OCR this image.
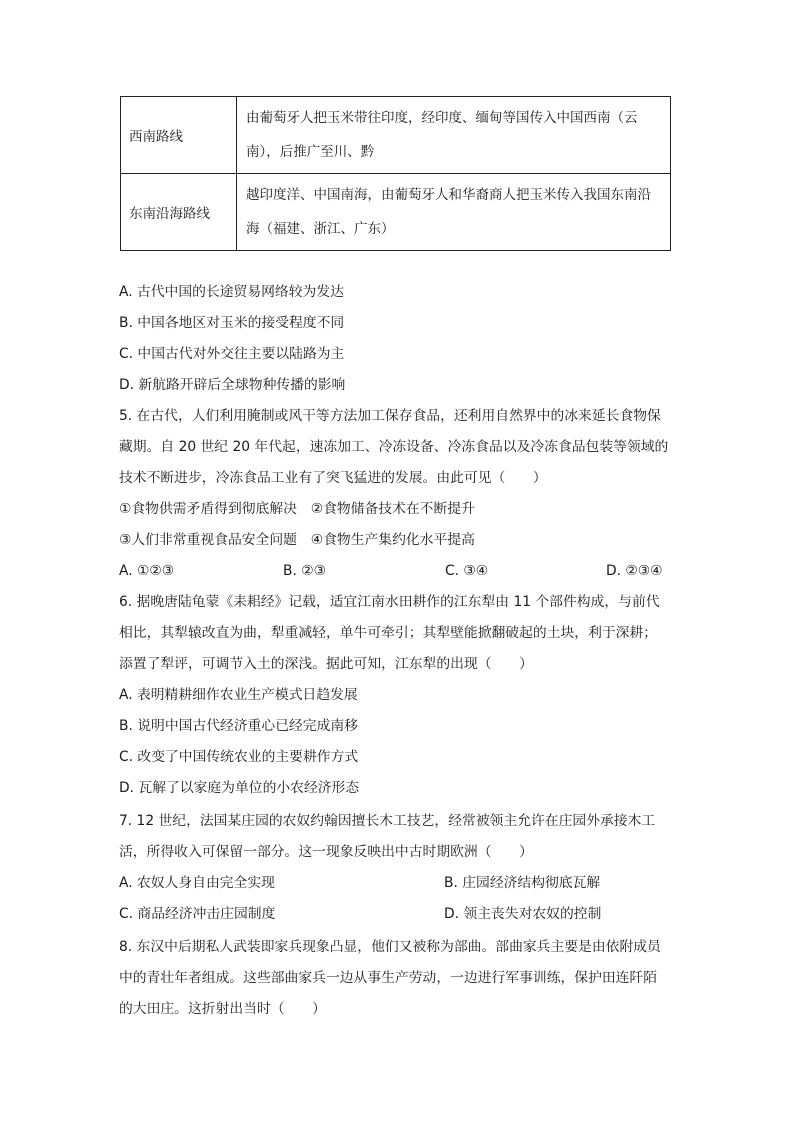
西南路线	由葡萄牙人把玉米带往印度，经印度、缅甸等国传入中国西南（云
南），后推广至川、黔
东南沿海路线	越印度洋、中国南海，由葡萄牙人和华裔商人把玉米传入我国东南沿
海（福建、浙江、广东）
A. 古代中国的长途贸易网络较为发达
B. 中国各地区对玉米的接受程度不同
C. 中国古代对外交往主要以陆路为主
D. 新航路开辟后全球物种传播的影响
5. 在古代，人们利用腌制或风干等方法加工保存食品，还利用自然界中的冰来延长食物保
藏期。自 20 世纪 20 年代起，速冻加工、冷冻设备、冷冻食品以及冷冻食品包装等领域的
技术不断进步，冷冻食品工业有了突飞猛进的发展。由此可见（　　）
①食物供需矛盾得到彻底解决　②食物储备技术在不断提升
③人们非常重视食品安全问题　④食物生产集约化水平提高
A. ①②③	B. ②③	C. ③④	D. ②③④
6. 据晚唐陆龟蒙《耒耜经》记载，适宜江南水田耕作的江东犁由 11 个部件构成，与前代
相比，其犁辕改直为曲，犁重减轻，单牛可牵引；其犁壁能掀翻破起的土块，利于深耕；
添置了犁评，可调节入土的深浅。据此可知，江东犁的出现（　　）
A. 表明精耕细作农业生产模式日趋发展
B. 说明中国古代经济重心已经完成南移
C. 改变了中国传统农业的主要耕作方式
D. 瓦解了以家庭为单位的小农经济形态
7. 12 世纪，法国某庄园的农奴约翰因擅长木工技艺，经常被领主允许在庄园外承接木工
活，所得收入可保留一部分。这一现象反映出中古时期欧洲（　　）
A. 农奴人身自由完全实现	B. 庄园经济结构彻底瓦解
C. 商品经济冲击庄园制度	D. 领主丧失对农奴的控制
8. 东汉中后期私人武装即家兵现象凸显，他们又被称为部曲。部曲家兵主要是由依附成员
中的青壮年者组成。这些部曲家兵一边从事生产劳动，一边进行军事训练，保护田连阡陌
的大田庄。这折射出当时（　　）
